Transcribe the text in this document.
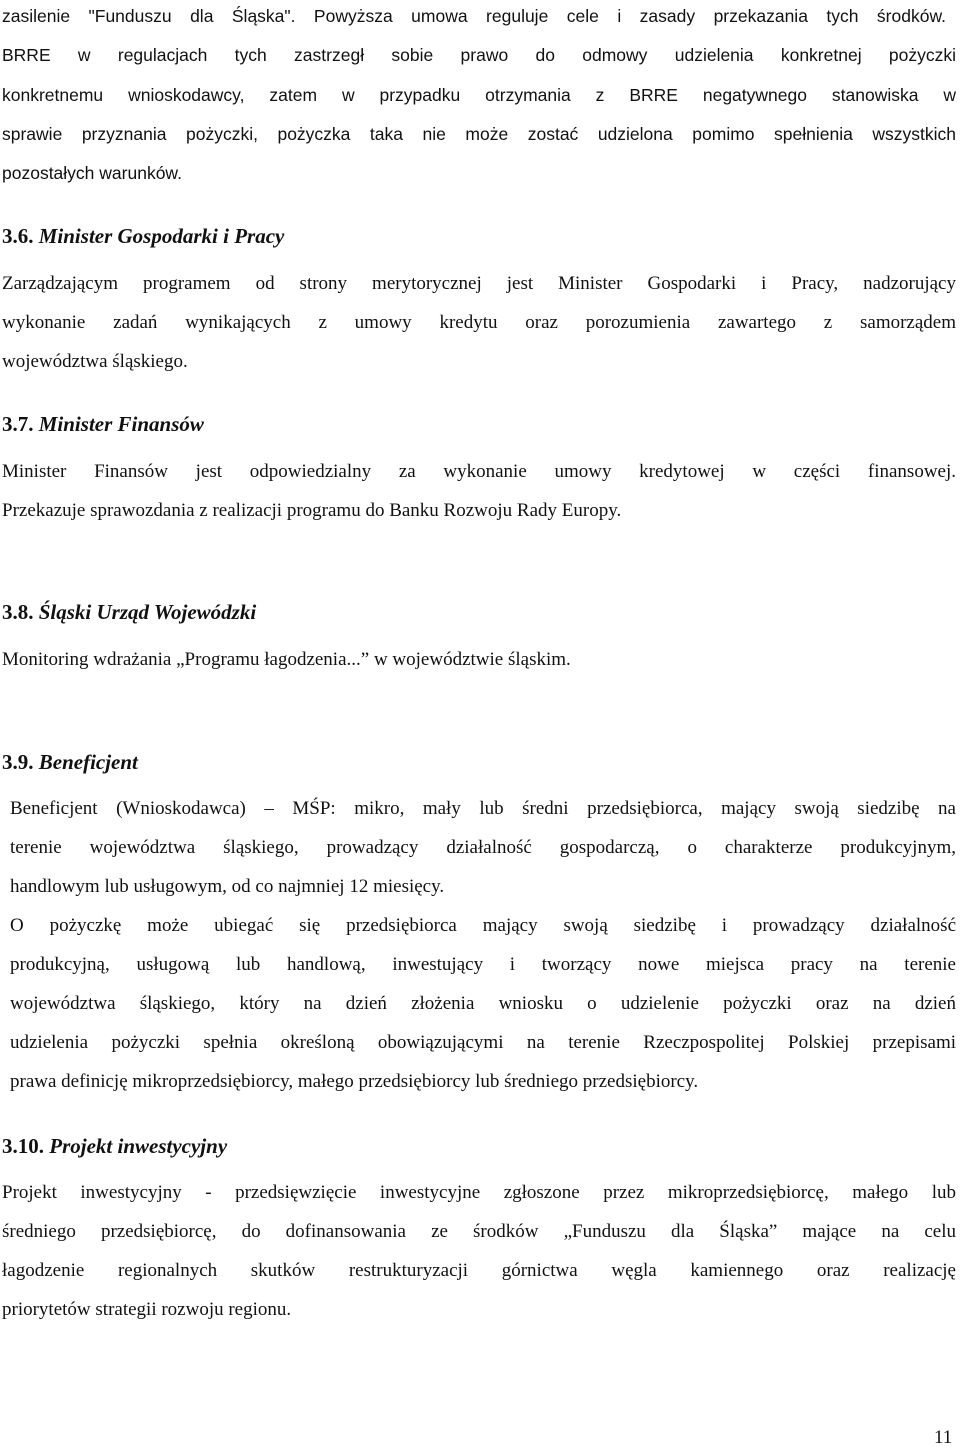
zasilenie "Funduszu dla Śląska". Powyższa umowa reguluje cele i zasady przekazania tych środków.
BRRE w regulacjach tych zastrzegł sobie prawo do odmowy udzielenia konkretnej pożyczki
konkretnemu wnioskodawcy, zatem w przypadku otrzymania z BRRE negatywnego stanowiska w
sprawie przyznania pożyczki, pożyczka taka nie może zostać udzielona pomimo spełnienia wszystkich
pozostałych warunków.
3.6. Minister Gospodarki i Pracy
Zarządzającym programem od strony merytorycznej jest Minister Gospodarki i Pracy, nadzorujący
wykonanie zadań wynikających z umowy kredytu oraz porozumienia zawartego z samorządem
województwa śląskiego.
3.7. Minister Finansów
Minister Finansów jest odpowiedzialny za wykonanie umowy kredytowej w części finansowej.
Przekazuje sprawozdania z realizacji programu do Banku Rozwoju Rady Europy.
3.8. Śląski Urząd Wojewódzki
Monitoring wdrażania „Programu łagodzenia...” w województwie śląskim.
3.9. Beneficjent
Beneficjent (Wnioskodawca) – MŚP: mikro, mały lub średni przedsiębiorca, mający swoją siedzibę na
terenie województwa śląskiego, prowadzący działalność gospodarczą, o charakterze produkcyjnym,
handlowym lub usługowym, od co najmniej 12 miesięcy.
O pożyczkę może ubiegać się przedsiębiorca mający swoją siedzibę i prowadzący działalność
produkcyjną, usługową lub handlową, inwestujący i tworzący nowe miejsca pracy na terenie
województwa śląskiego, który na dzień złożenia wniosku o udzielenie pożyczki oraz na dzień
udzielenia pożyczki spełnia określoną obowiązującymi na terenie Rzeczpospolitej Polskiej przepisami
prawa definicję mikroprzedsiębiorcy, małego przedsiębiorcy lub średniego przedsiębiorcy.
3.10. Projekt inwestycyjny
Projekt inwestycyjny - przedsięwzięcie inwestycyjne zgłoszone przez mikroprzedsiębiorcę, małego lub
średniego przedsiębiorcę, do dofinansowania ze środków „Funduszu dla Śląska” mające na celu
łagodzenie regionalnych skutków restrukturyzacji górnictwa węgla kamiennego oraz realizację
priorytetów strategii rozwoju regionu.
11
